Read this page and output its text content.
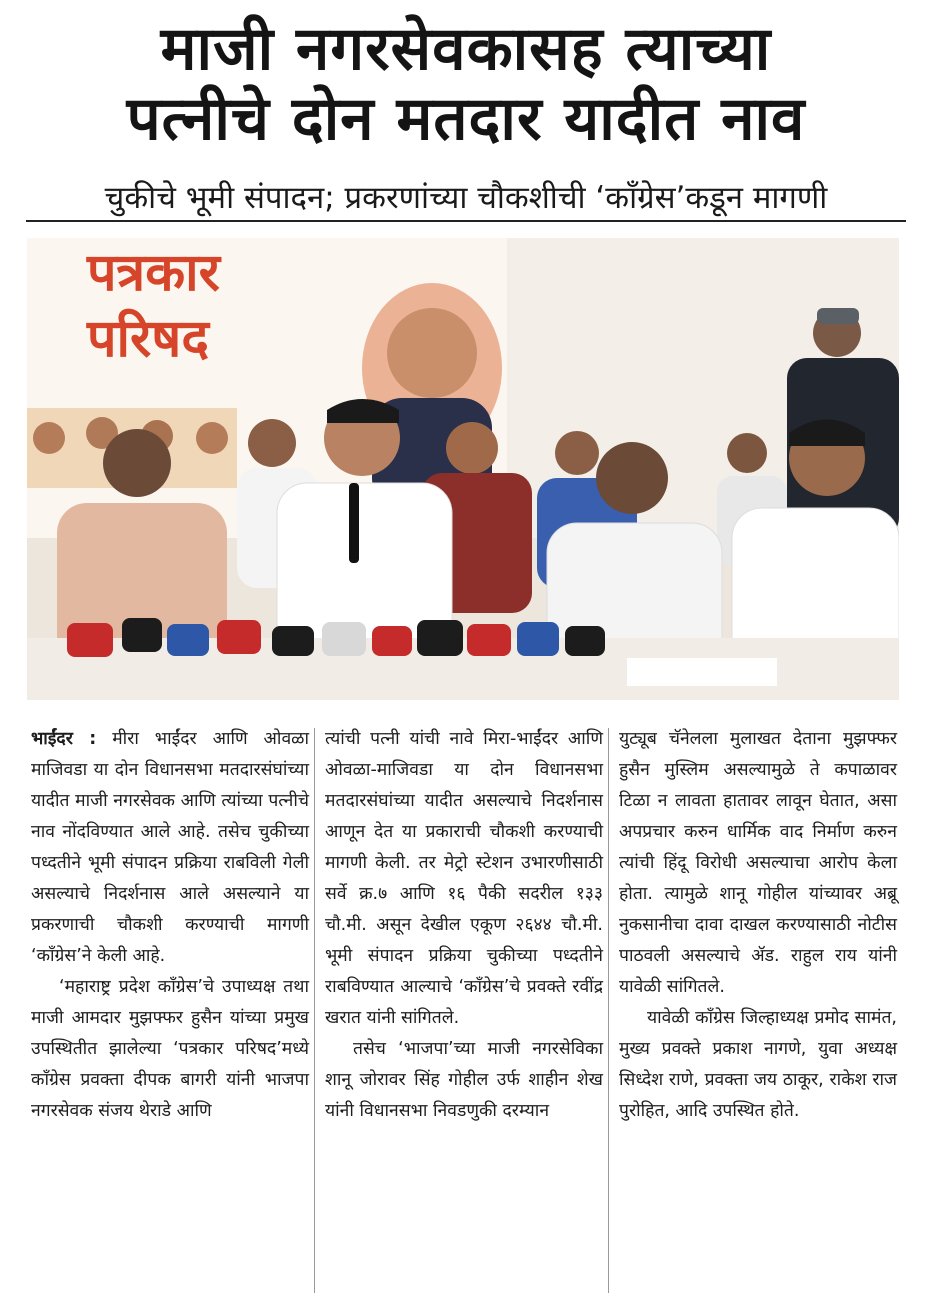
माजी नगरसेवकासह त्याच्या
पत्नीचे दोन मतदार यादीत नाव
चुकीचे भूमी संपादन; प्रकरणांच्या चौकशीची ‘काँग्रेस’कडून मागणी
पत्रकार
परिषद

भाईंदर : मीरा भाईंदर आणि ओवळा माजिवडा या दोन विधानसभा मतदारसंघांच्या यादीत माजी नगरसेवक आणि त्यांच्या पत्नीचे नाव नोंदविण्यात आले आहे. तसेच चुकीच्या पध्दतीने भूमी संपादन प्रक्रिया राबविली गेली असल्याचे निदर्शनास आले असल्याने या प्रकरणाची चौकशी करण्याची मागणी ‘काँग्रेस’ने केली आहे.

‘महाराष्ट्र प्रदेश काँग्रेस’चे उपाध्यक्ष तथा माजी आमदार मुझफ्फर हुसैन यांच्या प्रमुख उपस्थितीत झालेल्या ‘पत्रकार परिषद’मध्ये काँग्रेस प्रवक्ता दीपक बागरी यांनी भाजपा नगरसेवक संजय थेराडे आणि

त्यांची पत्नी यांची नावे मिरा-भाईंदर आणि ओवळा-माजिवडा या दोन विधानसभा मतदारसंघांच्या यादीत असल्याचे निदर्शनास आणून देत या प्रकाराची चौकशी करण्याची मागणी केली. तर मेट्रो स्टेशन उभारणीसाठी सर्वे क्र.७ आणि १६ पैकी सदरील १३३ चौ.मी. असून देखील एकूण २६४४ चौ.मी. भूमी संपादन प्रक्रिया चुकीच्या पध्दतीने राबविण्यात आल्याचे ‘काँग्रेस’चे प्रवक्ते रवींद्र खरात यांनी सांगितले.

तसेच ‘भाजपा’च्या माजी नगरसेविका शानू जोरावर सिंह गोहील उर्फ शाहीन शेख यांनी विधानसभा निवडणुकी दरम्यान

युट्यूब चॅनेलला मुलाखत देताना मुझफ्फर हुसैन मुस्लिम असल्यामुळे ते कपाळावर टिळा न लावता हातावर लावून घेतात, असा अपप्रचार करुन धार्मिक वाद निर्माण करुन त्यांची हिंदू विरोधी असल्याचा आरोप केला होता. त्यामुळे शानू गोहील यांच्यावर अब्रू नुकसानीचा दावा दाखल करण्यासाठी नोटीस पाठवली असल्याचे ॲड. राहुल राय यांनी यावेळी सांगितले.

यावेळी काँग्रेस जिल्हाध्यक्ष प्रमोद सामंत, मुख्य प्रवक्ते प्रकाश नागणे, युवा अध्यक्ष सिध्देश राणे, प्रवक्ता जय ठाकूर, राकेश राज पुरोहित, आदि उपस्थित होते.
